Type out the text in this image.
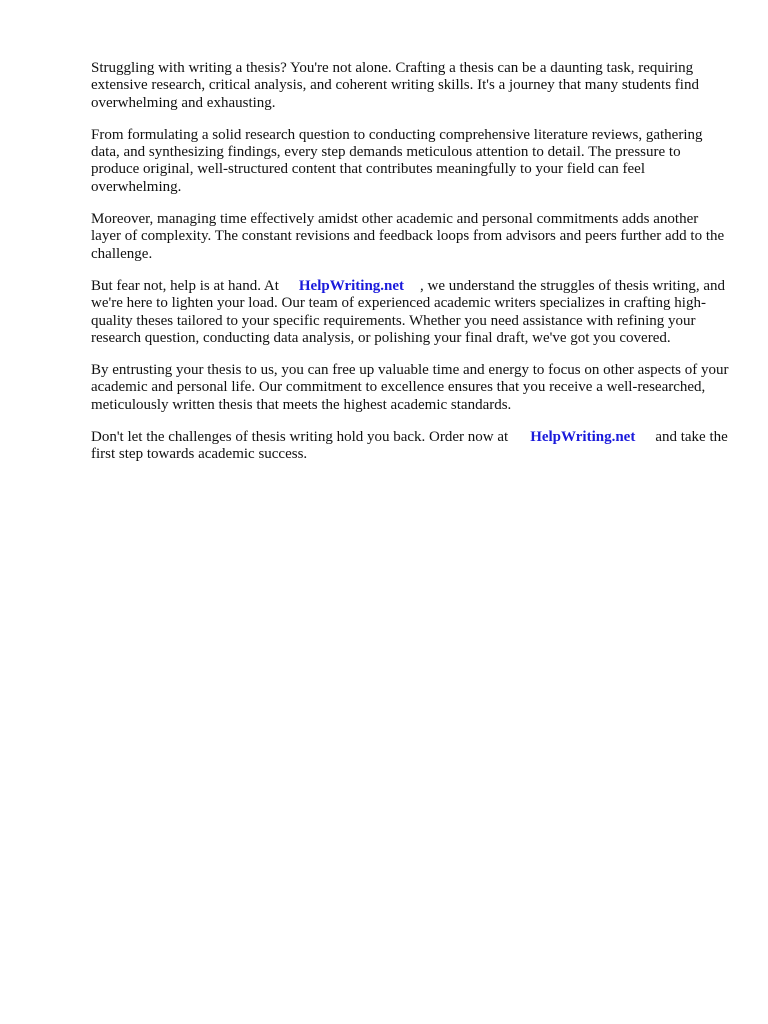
Struggling with writing a thesis? You're not alone. Crafting a thesis can be a daunting task, requiring extensive research, critical analysis, and coherent writing skills. It's a journey that many students find overwhelming and exhausting.

From formulating a solid research question to conducting comprehensive literature reviews, gathering data, and synthesizing findings, every step demands meticulous attention to detail. The pressure to produce original, well-structured content that contributes meaningfully to your field can feel overwhelming.

Moreover, managing time effectively amidst other academic and personal commitments adds another layer of complexity. The constant revisions and feedback loops from advisors and peers further add to the challenge.

But fear not, help is at hand. At HelpWriting.net , we understand the struggles of thesis writing, and we're here to lighten your load. Our team of experienced academic writers specializes in crafting high-quality theses tailored to your specific requirements. Whether you need assistance with refining your research question, conducting data analysis, or polishing your final draft, we've got you covered.

By entrusting your thesis to us, you can free up valuable time and energy to focus on other aspects of your academic and personal life. Our commitment to excellence ensures that you receive a well-researched, meticulously written thesis that meets the highest academic standards.

Don't let the challenges of thesis writing hold you back. Order now at HelpWriting.net and take the first step towards academic success.
